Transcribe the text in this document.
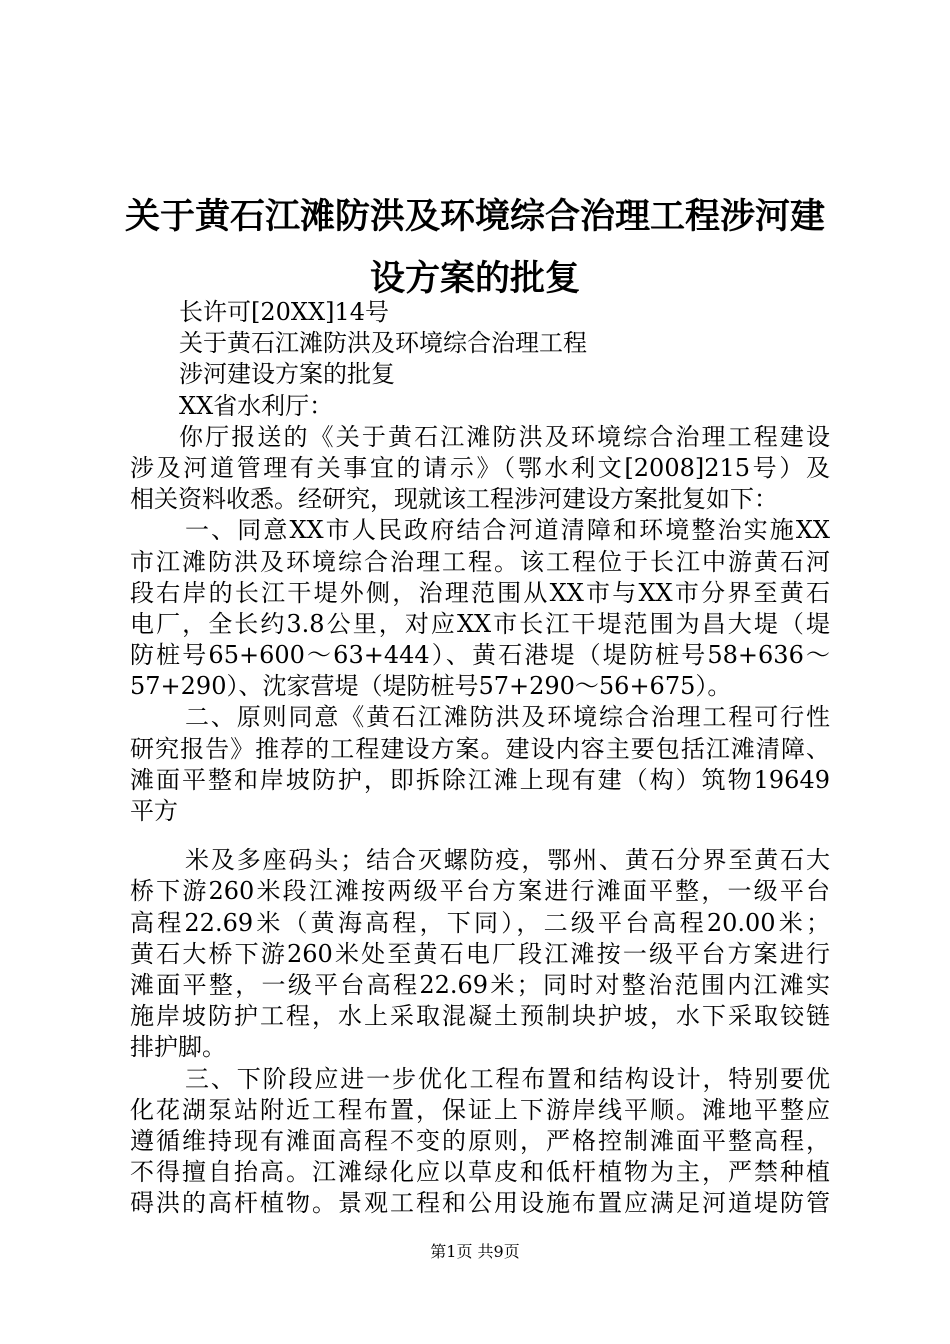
关于黄石江滩防洪及环境综合治理工程涉河建
设方案的批复
长许可[20XX]14号
关于黄石江滩防洪及环境综合治理工程
涉河建设方案的批复
XX省水利厅：
你厅报送的《关于黄石江滩防洪及环境综合治理工程建设
涉及河道管理有关事宜的请示》（鄂水利文[2008]215号）及
相关资料收悉。经研究，现就该工程涉河建设方案批复如下：
一、同意XX市人民政府结合河道清障和环境整治实施XX
市江滩防洪及环境综合治理工程。该工程位于长江中游黄石河
段右岸的长江干堤外侧，治理范围从XX市与XX市分界至黄石
电厂，全长约3.8公里，对应XX市长江干堤范围为昌大堤（堤
防桩号65+600～63+444）、黄石港堤（堤防桩号58+636～
57+290）、沈家营堤（堤防桩号57+290～56+675）。
二、原则同意《黄石江滩防洪及环境综合治理工程可行性
研究报告》推荐的工程建设方案。建设内容主要包括江滩清障、
滩面平整和岸坡防护，即拆除江滩上现有建（构）筑物19649
平方
米及多座码头；结合灭螺防疫，鄂州、黄石分界至黄石大
桥下游260米段江滩按两级平台方案进行滩面平整，一级平台
高程22.69米（黄海高程，下同），二级平台高程20.00米；
黄石大桥下游260米处至黄石电厂段江滩按一级平台方案进行
滩面平整，一级平台高程22.69米；同时对整治范围内江滩实
施岸坡防护工程，水上采取混凝土预制块护坡，水下采取铰链
排护脚。
三、下阶段应进一步优化工程布置和结构设计，特别要优
化花湖泵站附近工程布置，保证上下游岸线平顺。滩地平整应
遵循维持现有滩面高程不变的原则，严格控制滩面平整高程，
不得擅自抬高。江滩绿化应以草皮和低杆植物为主，严禁种植
碍洪的高杆植物。景观工程和公用设施布置应满足河道堤防管
第1页 共9页
